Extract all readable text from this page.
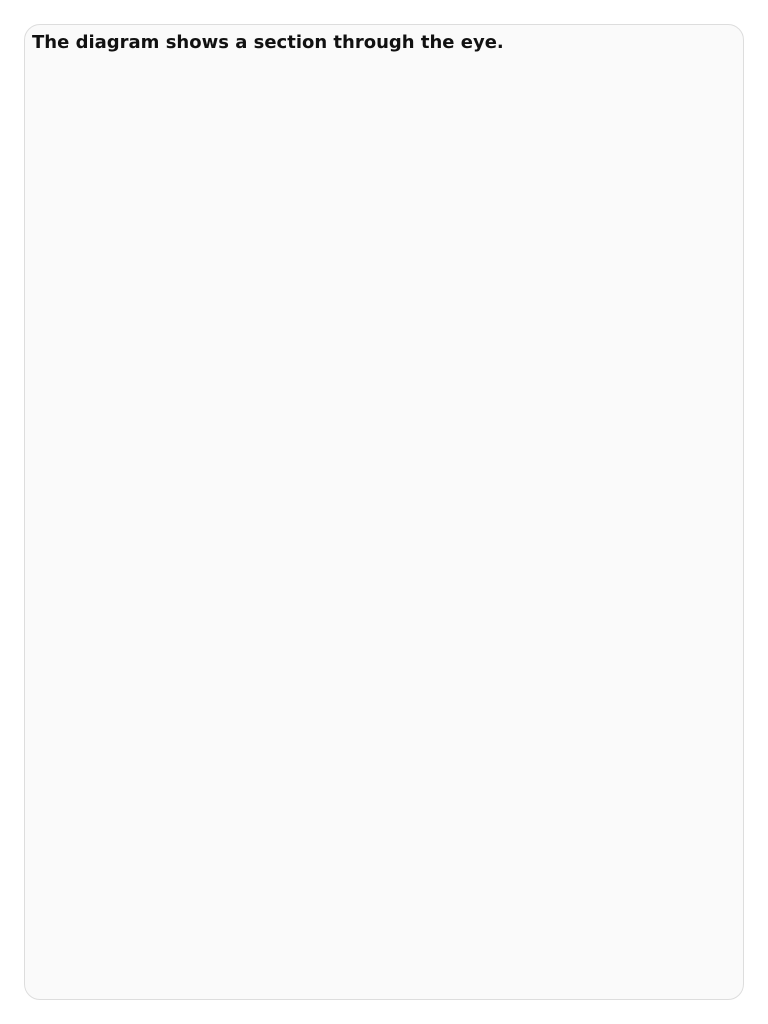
The diagram shows a section through the eye.
